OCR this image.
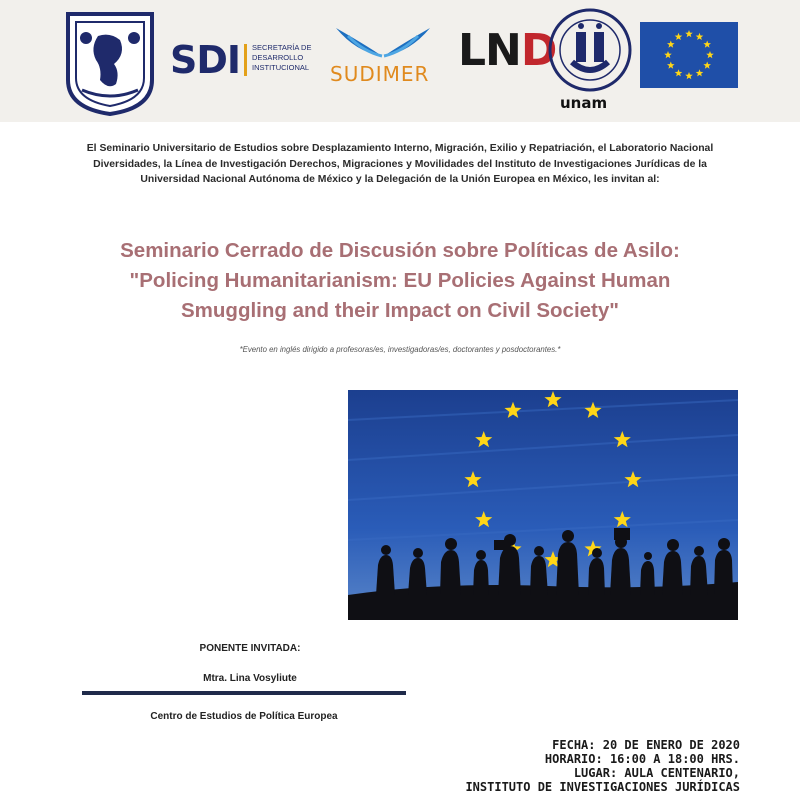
SDI SECRETARÍA DE DESARROLLO INSTITUCIONAL	SUDIMER LND
unam
El Seminario Universitario de Estudios sobre Desplazamiento Interno, Migración, Exilio y Repatriación, el Laboratorio Nacional Diversidades, la Línea de Investigación Derechos, Migraciones y Movilidades del Instituto de Investigaciones Jurídicas de la Universidad Nacional Autónoma de México y la Delegación de la Unión Europea en México, les invitan al:
Seminario Cerrado de Discusión sobre Políticas de Asilo:
"Policing Humanitarianism: EU Policies Against Human
Smuggling and their Impact on Civil Society"
*Evento en inglés dirigido a profesoras/es, investigadoras/es, doctorantes y posdoctorantes.*
PONENTE INVITADA:
Mtra. Lina Vosyliute
Centro de Estudios de Política Europea
FECHA: 20 DE ENERO DE 2020
HORARIO: 16:00 A 18:00 HRS.
LUGAR: AULA CENTENARIO,
INSTITUTO DE INVESTIGACIONES JURÍDICAS
